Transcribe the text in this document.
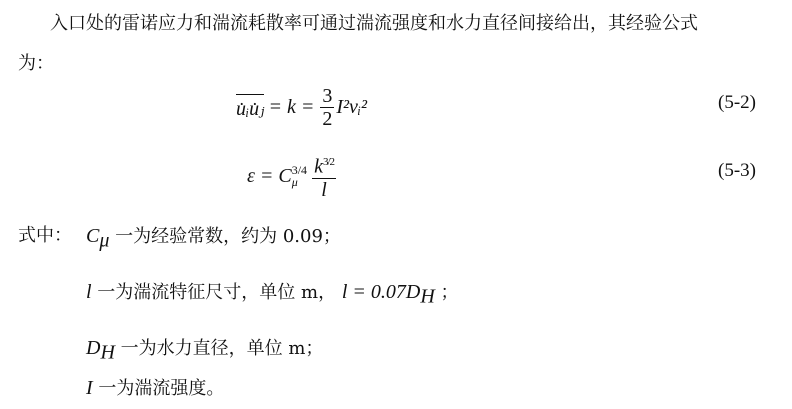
入口处的雷诺应力和湍流耗散率可通过湍流强度和水力直径间接给出，其经验公式
为：
u̇ᵢu̇ⱼ = $k = \frac{3}{2}$ I²vᵢ²	(5-2)
ε = C 3/4
μ $\frac{k3/2}{l}$	(5-3)
式中： $C_\mu$ 一为经验常数，约为 0.09；
l 一为湍流特征尺寸，单位 m， $l = 0.07D_H$ ；
$D_H$ 一为水力直径，单位 m；
I 一为湍流强度。
